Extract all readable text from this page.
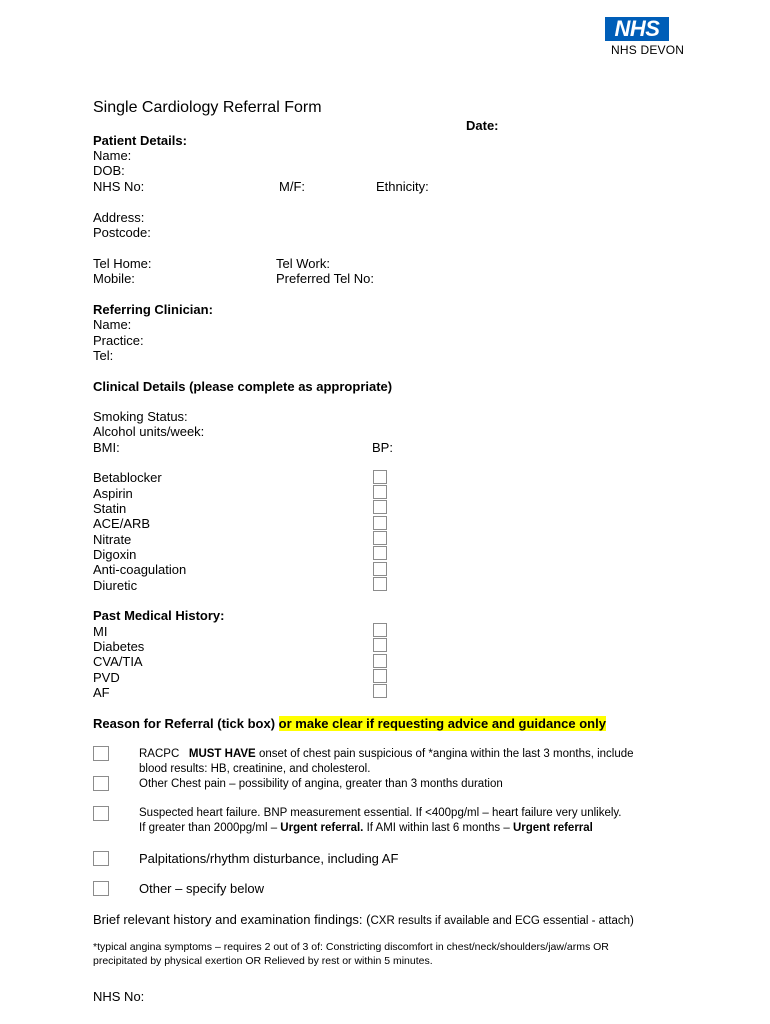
NHS
NHS DEVON
Single Cardiology Referral Form
Date:
Patient Details:
Name:
DOB:
NHS No:	M/F:	Ethnicity:
Address:
Postcode:
Tel Home:	Tel Work:
Mobile:	Preferred Tel No:
Referring Clinician:
Name:
Practice:
Tel:
Clinical Details (please complete as appropriate)
Smoking Status:
Alcohol units/week:
BMI:	BP:
Betablocker
Aspirin
Statin
ACE/ARB
Nitrate
Digoxin
Anti-coagulation
Diuretic
Past Medical History:
MI
Diabetes
CVA/TIA
PVD
AF
Reason for Referral (tick box) or make clear if requesting advice and guidance only
RACPC MUST HAVE onset of chest pain suspicious of *angina within the last 3 months, include
blood results: HB, creatinine, and cholesterol.
Other Chest pain – possibility of angina, greater than 3 months duration
Suspected heart failure. BNP measurement essential. If <400pg/ml – heart failure very unlikely.
If greater than 2000pg/ml – Urgent referral. If AMI within last 6 months – Urgent referral
Palpitations/rhythm disturbance, including AF
Other – specify below
Brief relevant history and examination findings: (CXR results if available and ECG essential - attach)
*typical angina symptoms – requires 2 out of 3 of: Constricting discomfort in chest/neck/shoulders/jaw/arms OR
precipitated by physical exertion OR Relieved by rest or within 5 minutes.
NHS No:
